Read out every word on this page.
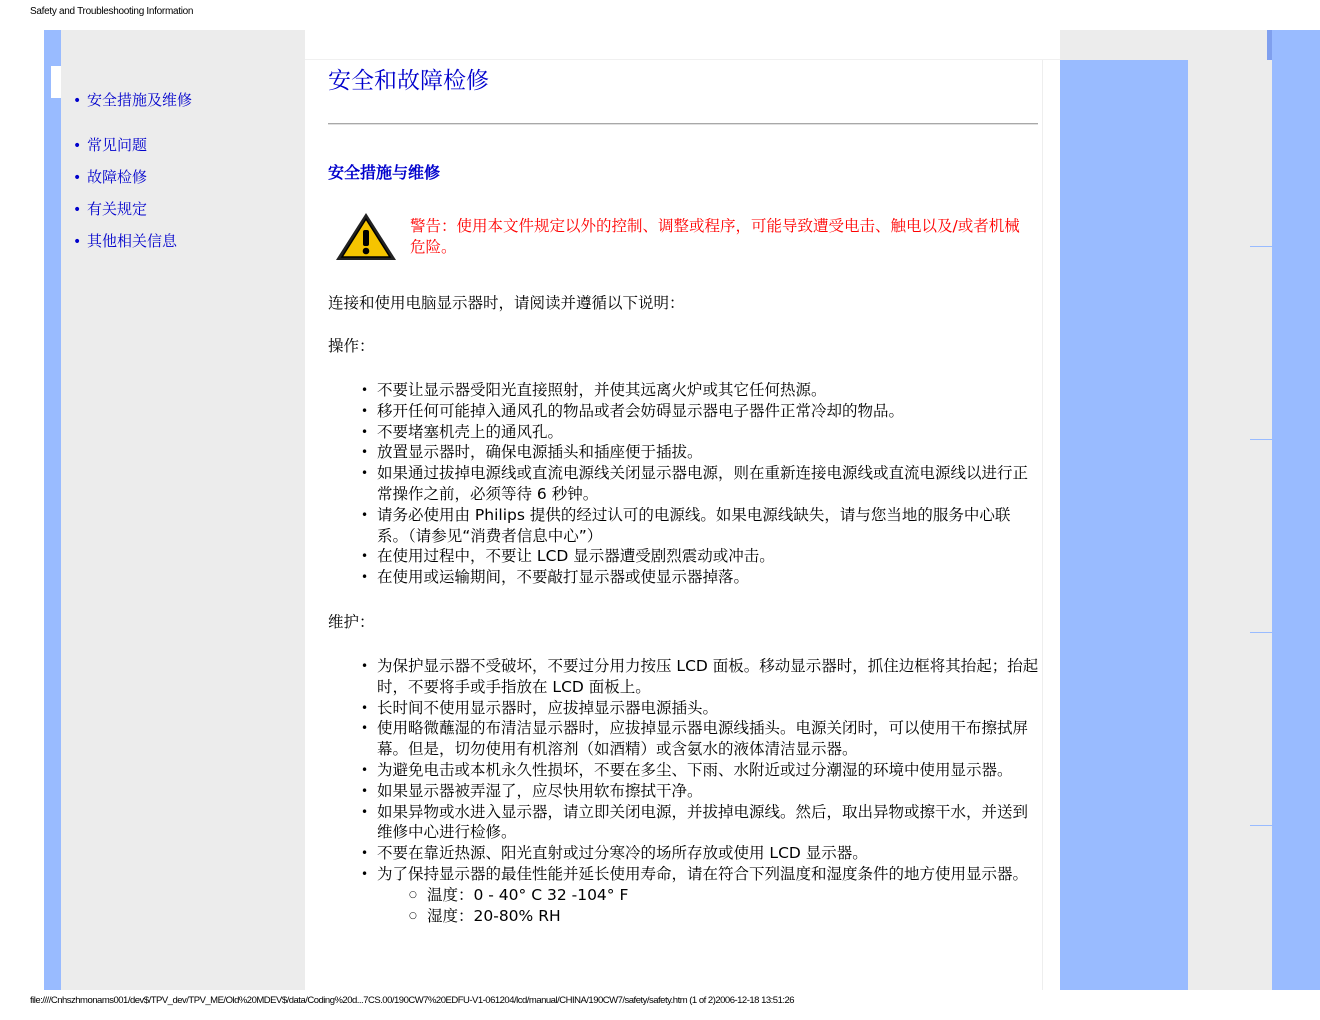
Safety and Troubleshooting Information
• 安全措施及维修
• 常见问题
• 故障检修
• 有关规定
• 其他相关信息
安全和故障检修
安全措施与维修
警告：使用本文件规定以外的控制、调整或程序，可能导致遭受电击、触电以及/或者机械危险。
连接和使用电脑显示器时，请阅读并遵循以下说明：
操作：
• 不要让显示器受阳光直接照射，并使其远离火炉或其它任何热源。
• 移开任何可能掉入通风孔的物品或者会妨碍显示器电子器件正常冷却的物品。
• 不要堵塞机壳上的通风孔。
• 放置显示器时，确保电源插头和插座便于插拔。
• 如果通过拔掉电源线或直流电源线关闭显示器电源，则在重新连接电源线或直流电源线以进行正常操作之前，必须等待 6 秒钟。
• 请务必使用由 Philips 提供的经过认可的电源线。如果电源线缺失，请与您当地的服务中心联系。（请参见“消费者信息中心”）
• 在使用过程中，不要让 LCD 显示器遭受剧烈震动或冲击。
• 在使用或运输期间，不要敲打显示器或使显示器掉落。
维护：
• 为保护显示器不受破坏，不要过分用力按压 LCD 面板。移动显示器时，抓住边框将其抬起；抬起时，不要将手或手指放在 LCD 面板上。
• 长时间不使用显示器时，应拔掉显示器电源插头。
• 使用略微蘸湿的布清洁显示器时，应拔掉显示器电源线插头。电源关闭时，可以使用干布擦拭屏幕。但是，切勿使用有机溶剂（如酒精）或含氨水的液体清洁显示器。
• 为避免电击或本机永久性损坏，不要在多尘、下雨、水附近或过分潮湿的环境中使用显示器。
• 如果显示器被弄湿了，应尽快用软布擦拭干净。
• 如果异物或水进入显示器，请立即关闭电源，并拔掉电源线。然后，取出异物或擦干水，并送到维修中心进行检修。
• 不要在靠近热源、阳光直射或过分寒冷的场所存放或使用 LCD 显示器。
• 为了保持显示器的最佳性能并延长使用寿命，请在符合下列温度和湿度条件的地方使用显示器。
○ 温度：0 - 40° C 32 -104° F
○ 湿度：20-80% RH
file:////Cnhszhmonams001/dev$/TPV_dev/TPV_ME/Old%20MDEV$/data/Coding%20d...7CS.00/190CW7%20EDFU-V1-061204/lcd/manual/CHINA/190CW7/safety/safety.htm (1 of 2)2006-12-18 13:51:26
